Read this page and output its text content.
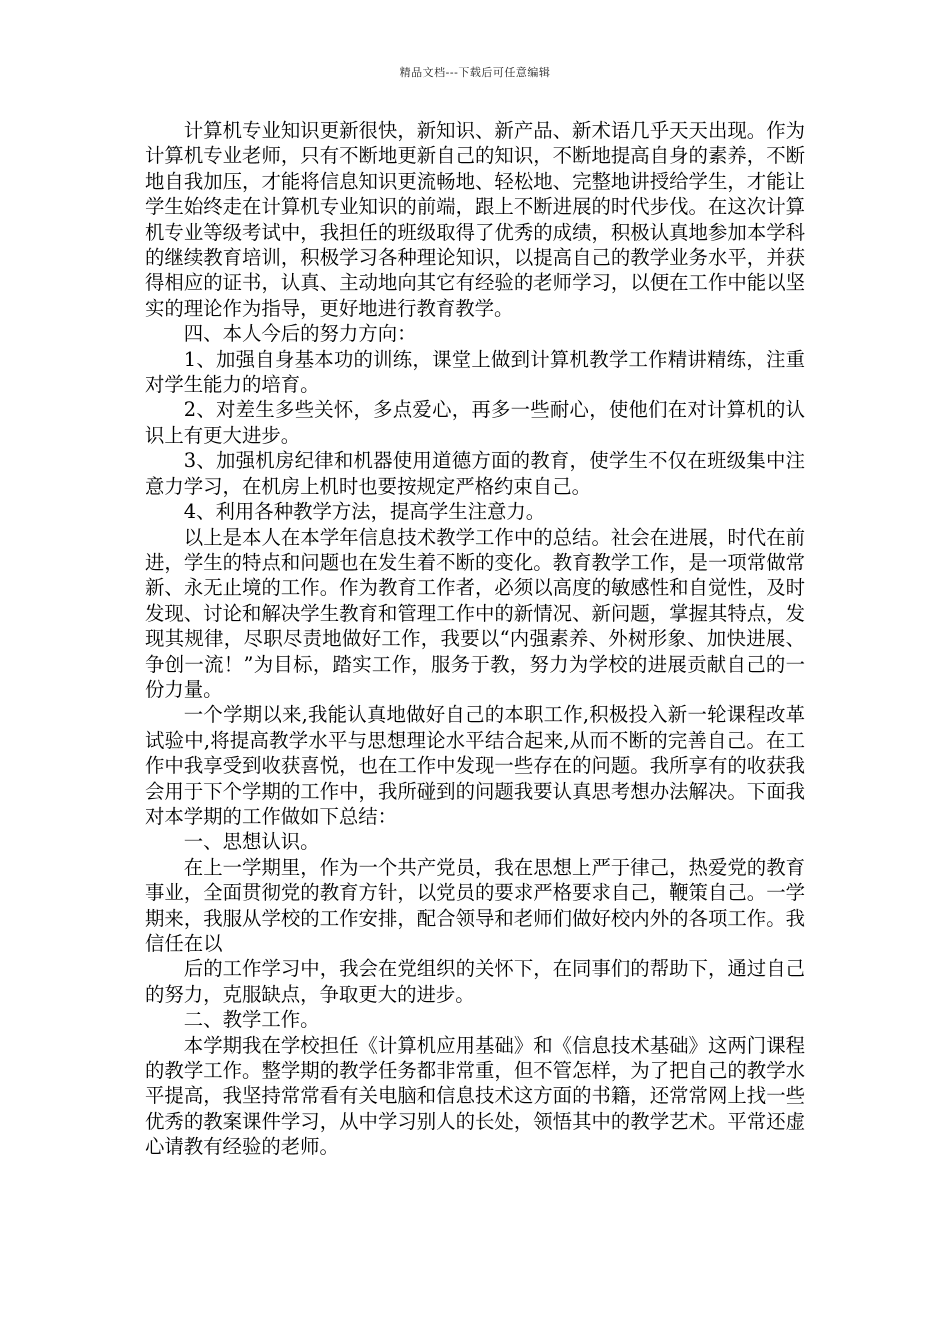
精品文档---下载后可任意编辑

计算机专业知识更新很快，新知识、新产品、新术语几乎天天出现。作为计算机专业老师，只有不断地更新自己的知识，不断地提高自身的素养，不断地自我加压，才能将信息知识更流畅地、轻松地、完整地讲授给学生，才能让学生始终走在计算机专业知识的前端，跟上不断进展的时代步伐。在这次计算机专业等级考试中，我担任的班级取得了优秀的成绩，积极认真地参加本学科的继续教育培训，积极学习各种理论知识，以提高自己的教学业务水平，并获得相应的证书，认真、主动地向其它有经验的老师学习，以便在工作中能以坚实的理论作为指导，更好地进行教育教学。

四、本人今后的努力方向：

1、加强自身基本功的训练，课堂上做到计算机教学工作精讲精练，注重对学生能力的培育。

2、对差生多些关怀，多点爱心，再多一些耐心，使他们在对计算机的认识上有更大进步。

3、加强机房纪律和机器使用道德方面的教育，使学生不仅在班级集中注意力学习，在机房上机时也要按规定严格约束自己。

4、利用各种教学方法，提高学生注意力。

以上是本人在本学年信息技术教学工作中的总结。社会在进展，时代在前进，学生的特点和问题也在发生着不断的变化。教育教学工作，是一项常做常新、永无止境的工作。作为教育工作者，必须以高度的敏感性和自觉性，及时发现、讨论和解决学生教育和管理工作中的新情况、新问题，掌握其特点，发现其规律，尽职尽责地做好工作，我要以“内强素养、外树形象、加快进展、争创一流！”为目标，踏实工作，服务于教，努力为学校的进展贡献自己的一份力量。

一个学期以来,我能认真地做好自己的本职工作,积极投入新一轮课程改革试验中,将提高教学水平与思想理论水平结合起来,从而不断的完善自己。在工作中我享受到收获喜悦，也在工作中发现一些存在的问题。我所享有的收获我会用于下个学期的工作中，我所碰到的问题我要认真思考想办法解决。下面我对本学期的工作做如下总结：

一、思想认识。

在上一学期里，作为一个共产党员，我在思想上严于律己，热爱党的教育事业，全面贯彻党的教育方针，以党员的要求严格要求自己，鞭策自己。一学期来，我服从学校的工作安排，配合领导和老师们做好校内外的各项工作。我信任在以

后的工作学习中，我会在党组织的关怀下，在同事们的帮助下，通过自己的努力，克服缺点，争取更大的进步。

二、教学工作。

本学期我在学校担任《计算机应用基础》和《信息技术基础》这两门课程的教学工作。整学期的教学任务都非常重，但不管怎样，为了把自己的教学水平提高，我坚持常常看有关电脑和信息技术这方面的书籍，还常常网上找一些优秀的教案课件学习，从中学习别人的长处，领悟其中的教学艺术。平常还虚心请教有经验的老师。
